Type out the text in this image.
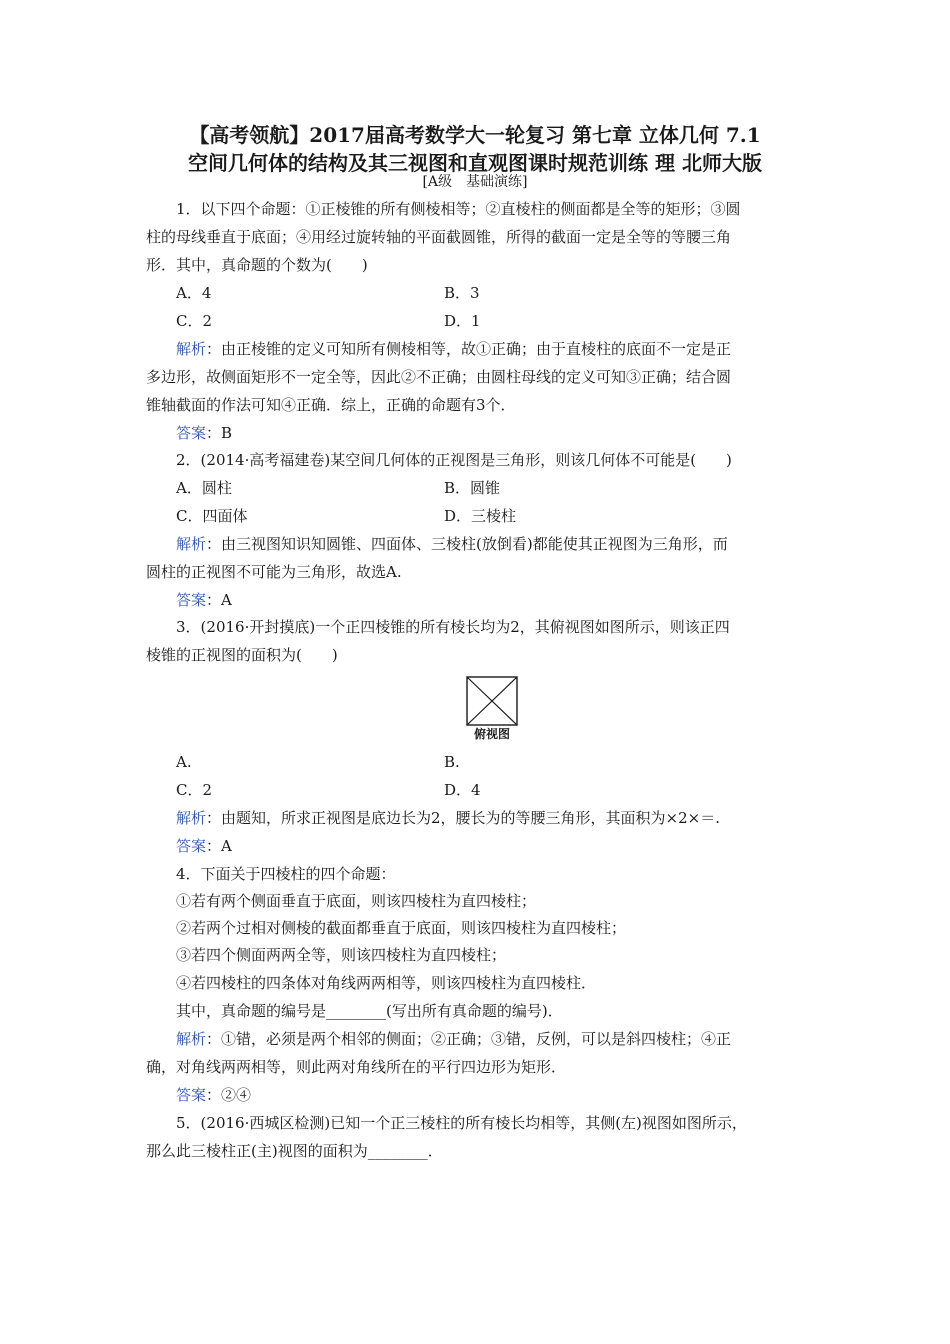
【高考领航】2017届高考数学大一轮复习 第七章 立体几何 7.1
空间几何体的结构及其三视图和直观图课时规范训练 理 北师大版
[A级　基础演练]
1．以下四个命题：①正棱锥的所有侧棱相等；②直棱柱的侧面都是全等的矩形；③圆
柱的母线垂直于底面；④用经过旋转轴的平面截圆锥，所得的截面一定是全等的等腰三角
形．其中，真命题的个数为(　　)
A．4	B．3
C．2	D．1
解析：由正棱锥的定义可知所有侧棱相等，故①正确；由于直棱柱的底面不一定是正
多边形，故侧面矩形不一定全等，因此②不正确；由圆柱母线的定义可知③正确；结合圆
锥轴截面的作法可知④正确．综上，正确的命题有3个．
答案：B
2．(2014·高考福建卷)某空间几何体的正视图是三角形，则该几何体不可能是(　　)
A．圆柱	B．圆锥
C．四面体	D．三棱柱
解析：由三视图知识知圆锥、四面体、三棱柱(放倒看)都能使其正视图为三角形，而
圆柱的正视图不可能为三角形，故选A.
答案：A
3．(2016·开封摸底)一个正四棱锥的所有棱长均为2，其俯视图如图所示，则该正四
棱锥的正视图的面积为(　　)
俯视图
A.	B.
C．2	D．4
解析：由题知，所求正视图是底边长为2，腰长为的等腰三角形，其面积为×2×＝.
答案：A
4．下面关于四棱柱的四个命题：
①若有两个侧面垂直于底面，则该四棱柱为直四棱柱；
②若两个过相对侧棱的截面都垂直于底面，则该四棱柱为直四棱柱；
③若四个侧面两两全等，则该四棱柱为直四棱柱；
④若四棱柱的四条体对角线两两相等，则该四棱柱为直四棱柱．
其中，真命题的编号是________(写出所有真命题的编号)．
解析：①错，必须是两个相邻的侧面；②正确；③错，反例，可以是斜四棱柱；④正
确，对角线两两相等，则此两对角线所在的平行四边形为矩形．
答案：②④
5．(2016·西城区检测)已知一个正三棱柱的所有棱长均相等，其侧(左)视图如图所示，
那么此三棱柱正(主)视图的面积为________．
